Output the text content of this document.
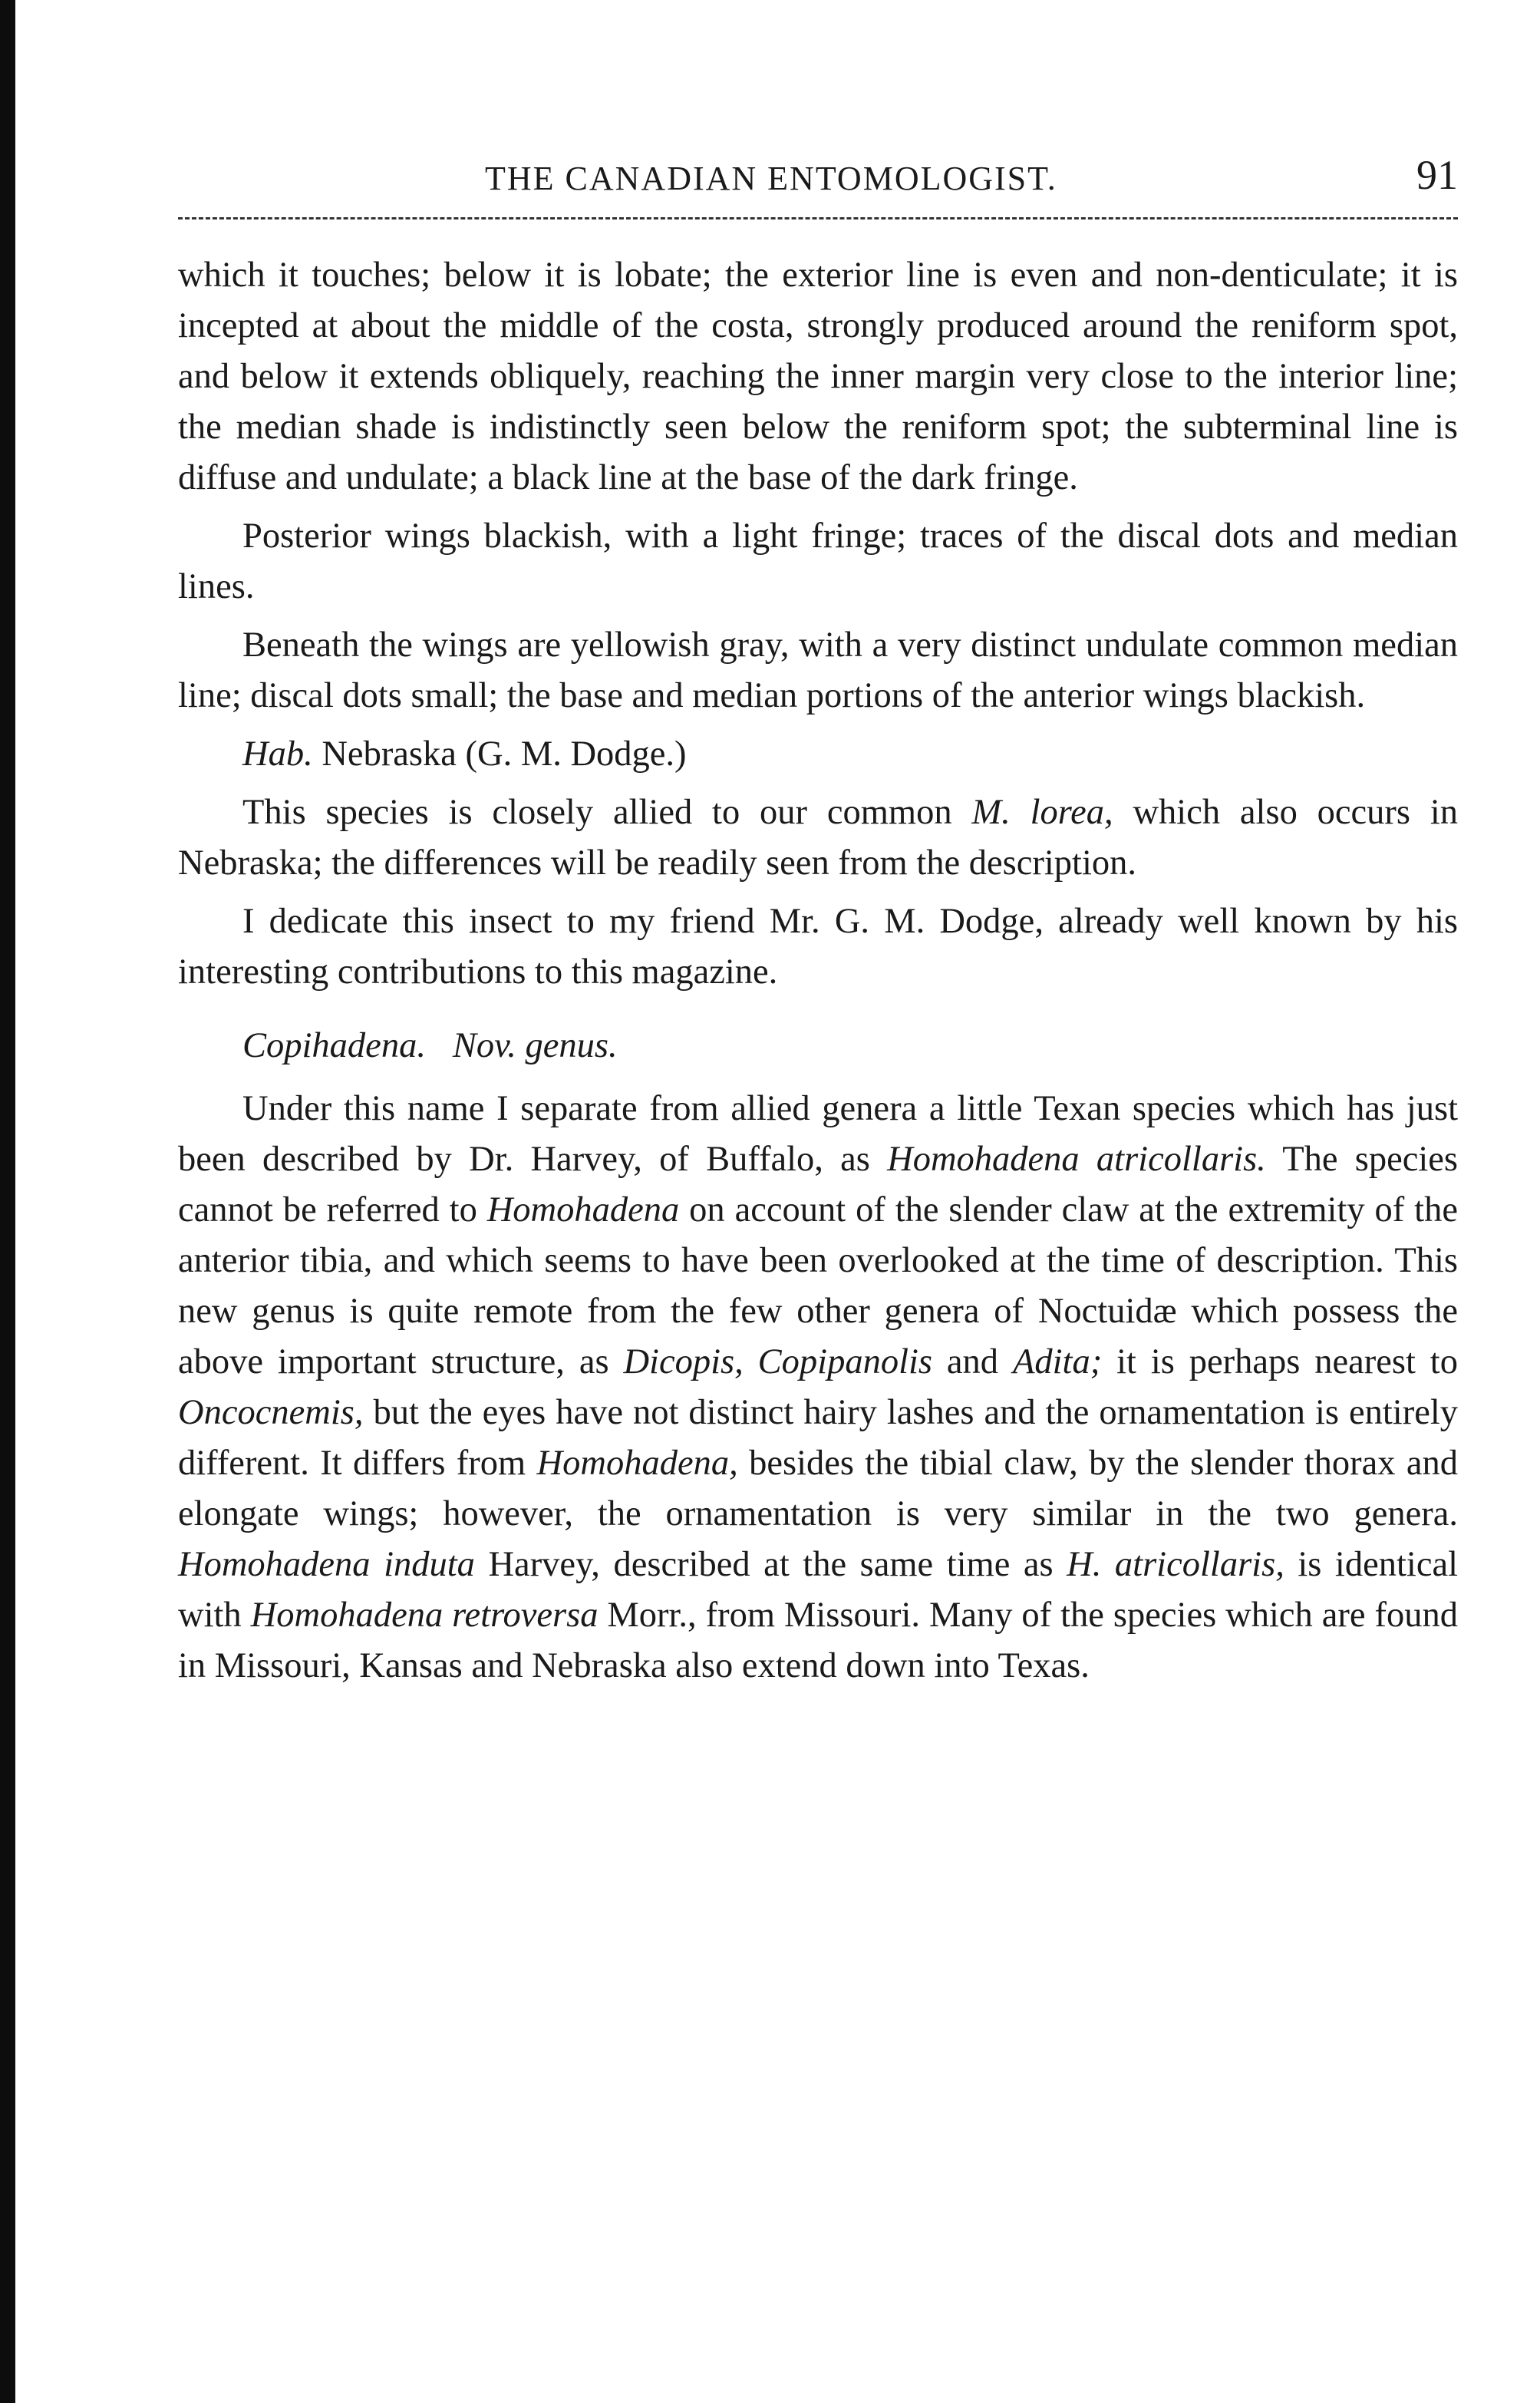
THE CANADIAN ENTOMOLOGIST.	91

which it touches; below it is lobate; the exterior line is even and non-denticulate; it is incepted at about the middle of the costa, strongly produced around the reniform spot, and below it extends obliquely, reaching the inner margin very close to the interior line; the median shade is indistinctly seen below the reniform spot; the subterminal line is diffuse and undulate; a black line at the base of the dark fringe.

Posterior wings blackish, with a light fringe; traces of the discal dots and median lines.

Beneath the wings are yellowish gray, with a very distinct undulate common median line; discal dots small; the base and median portions of the anterior wings blackish.

Hab. Nebraska (G. M. Dodge.)

This species is closely allied to our common M. lorea, which also occurs in Nebraska; the differences will be readily seen from the description.

I dedicate this insect to my friend Mr. G. M. Dodge, already well known by his interesting contributions to this magazine.

Copihadena. Nov. genus.

Under this name I separate from allied genera a little Texan species which has just been described by Dr. Harvey, of Buffalo, as Homohadena atricollaris. The species cannot be referred to Homohadena on account of the slender claw at the extremity of the anterior tibia, and which seems to have been overlooked at the time of description. This new genus is quite remote from the few other genera of Noctuidæ which possess the above important structure, as Dicopis, Copipanolis and Adita; it is perhaps nearest to Oncocnemis, but the eyes have not distinct hairy lashes and the ornamentation is entirely different. It differs from Homohadena, besides the tibial claw, by the slender thorax and elongate wings; however, the ornamentation is very similar in the two genera. Homohadena induta Harvey, described at the same time as H. atricollaris, is identical with Homohadena retroversa Morr., from Missouri. Many of the species which are found in Missouri, Kansas and Nebraska also extend down into Texas.
